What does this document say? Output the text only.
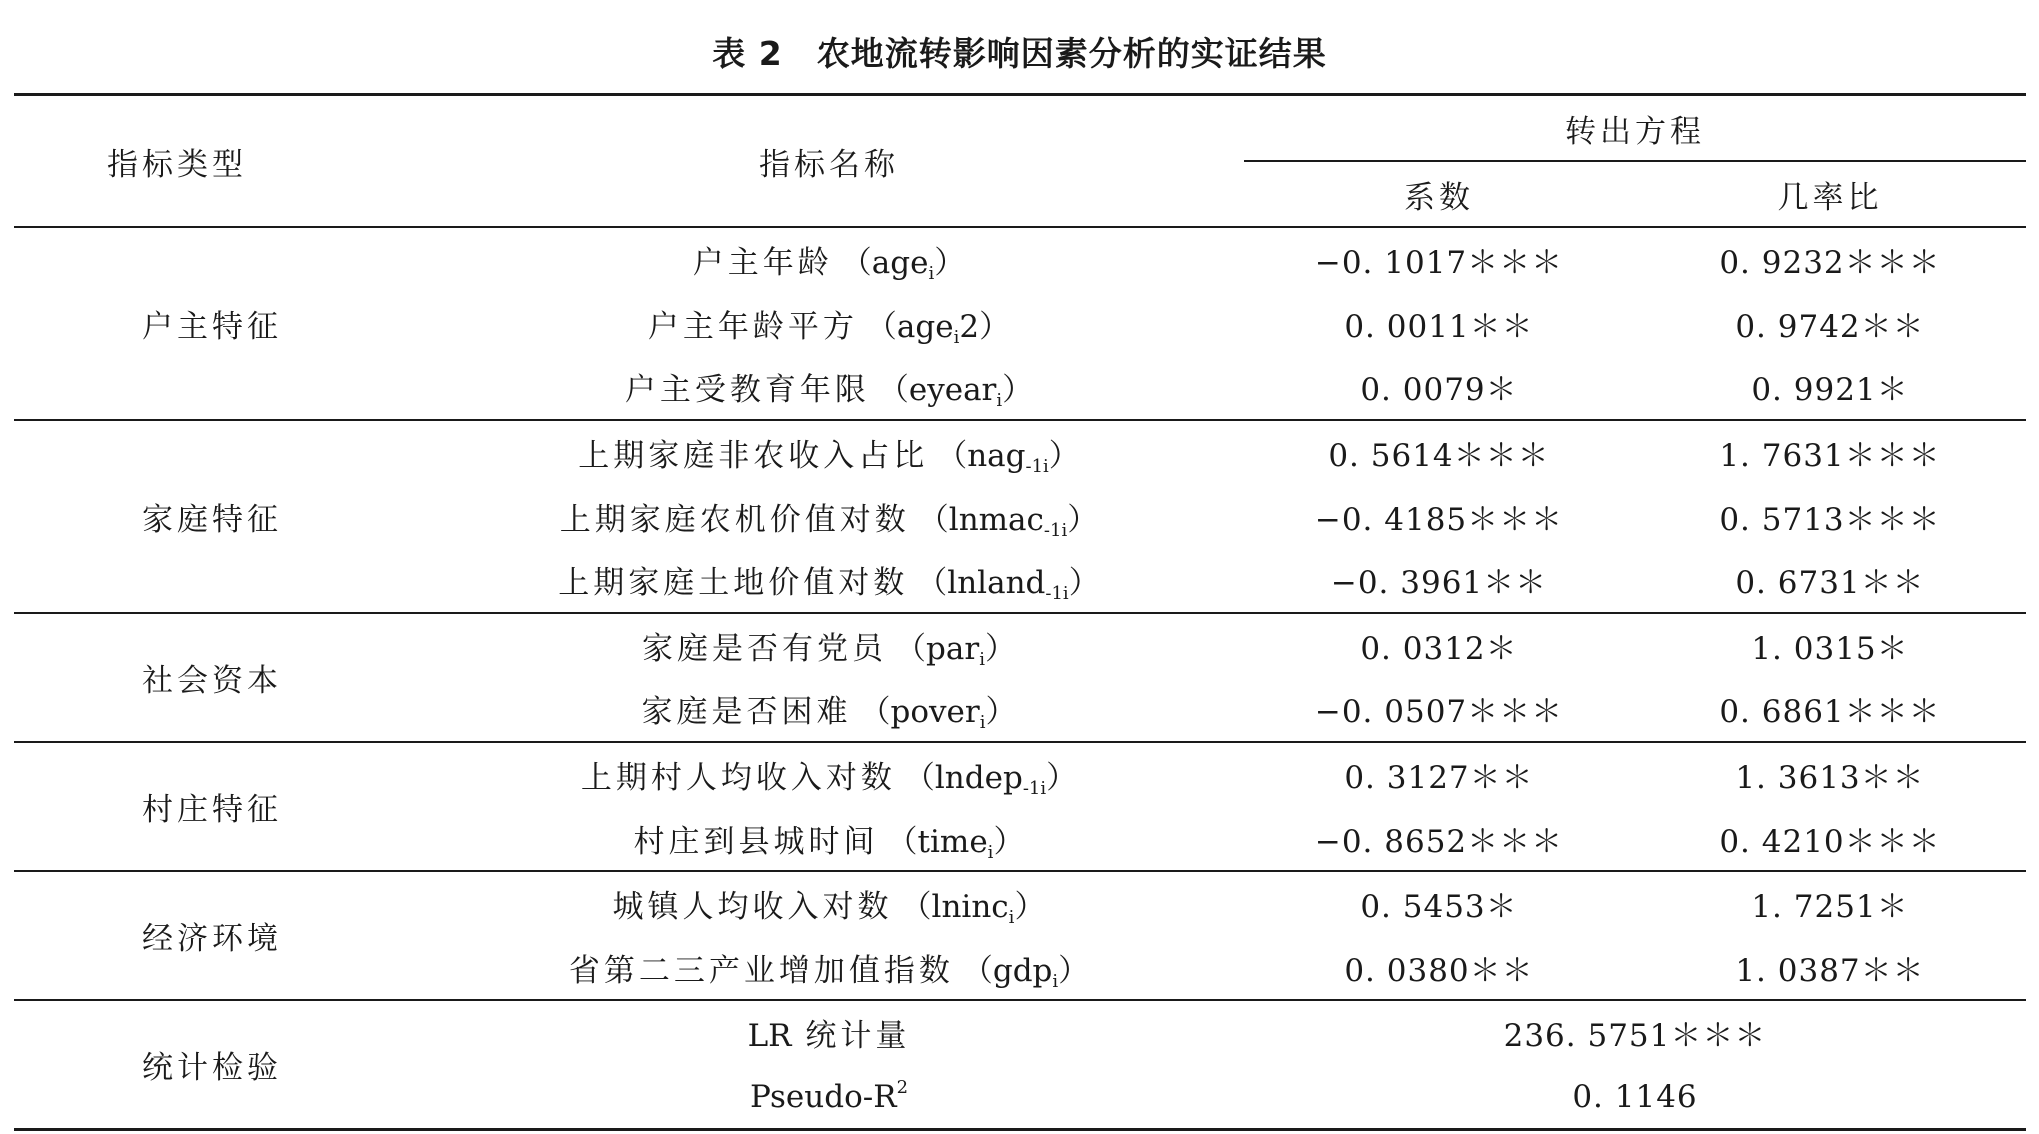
表 2 农地流转影响因素分析的实证结果
指标类型	指标名称	转出方程	
		系数	几率比
户主特征	户主年龄 （age$_i$）	−0. 1017＊＊＊	0. 9232＊＊＊
	户主年龄平方 （age$_i$2）	0. 0011＊＊	0. 9742＊＊
	户主受教育年限 （eyear$_i$）	0. 0079＊	0. 9921＊
家庭特征	上期家庭非农收入占比 （nag$_{-1i}$）	0. 5614＊＊＊	1. 7631＊＊＊
	上期家庭农机价值对数 （lnmac$_{-1i}$）	−0. 4185＊＊＊	0. 5713＊＊＊
	上期家庭土地价值对数 （lnland$_{-1i}$）	−0. 3961＊＊	0. 6731＊＊
社会资本	家庭是否有党员 （par$_i$）	0. 0312＊	1. 0315＊
	家庭是否困难 （pover$_i$）	−0. 0507＊＊＊	0. 6861＊＊＊
村庄特征	上期村人均收入对数 （lndep$_{-1i}$）	0. 3127＊＊	1. 3613＊＊
	村庄到县城时间 （time$_i$）	−0. 8652＊＊＊	0. 4210＊＊＊
经济环境	城镇人均收入对数 （lninc$_i$）	0. 5453＊	1. 7251＊
	省第二三产业增加值指数 （gdp$_i$）	0. 0380＊＊	1. 0387＊＊
统计检验	LR 统计量	236. 5751＊＊＊	
	Pseudo-$R^2$	0. 1146	
